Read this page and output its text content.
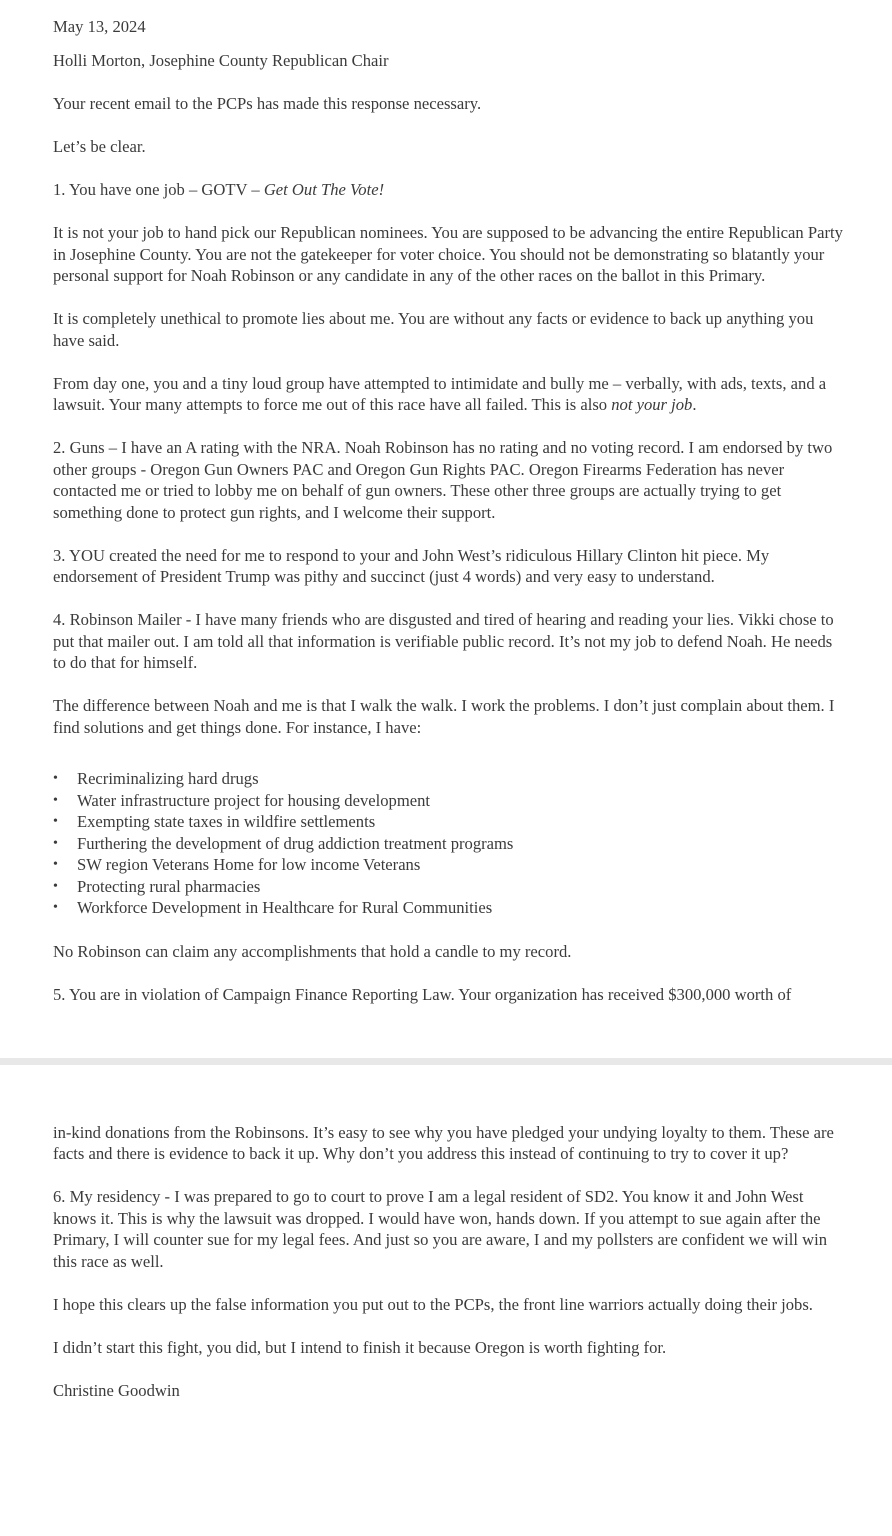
May 13, 2024

Holli Morton, Josephine County Republican Chair

Your recent email to the PCPs has made this response necessary.

Let’s be clear.

1. You have one job – GOTV – Get Out The Vote!

It is not your job to hand pick our Republican nominees. You are supposed to be advancing the entire Republican Party in Josephine County. You are not the gatekeeper for voter choice. You should not be demonstrating so blatantly your personal support for Noah Robinson or any candidate in any of the other races on the ballot in this Primary.

It is completely unethical to promote lies about me. You are without any facts or evidence to back up anything you have said.

From day one, you and a tiny loud group have attempted to intimidate and bully me – verbally, with ads, texts, and a lawsuit. Your many attempts to force me out of this race have all failed. This is also not your job.

2. Guns – I have an A rating with the NRA. Noah Robinson has no rating and no voting record. I am endorsed by two other groups - Oregon Gun Owners PAC and Oregon Gun Rights PAC. Oregon Firearms Federation has never contacted me or tried to lobby me on behalf of gun owners. These other three groups are actually trying to get something done to protect gun rights, and I welcome their support.

3. YOU created the need for me to respond to your and John West’s ridiculous Hillary Clinton hit piece. My endorsement of President Trump was pithy and succinct (just 4 words) and very easy to understand.

4. Robinson Mailer - I have many friends who are disgusted and tired of hearing and reading your lies. Vikki chose to put that mailer out. I am told all that information is verifiable public record. It’s not my job to defend Noah. He needs to do that for himself.

The difference between Noah and me is that I walk the walk. I work the problems. I don’t just complain about them. I find solutions and get things done. For instance, I have:

•	Recriminalizing hard drugs
•	Water infrastructure project for housing development
•	Exempting state taxes in wildfire settlements
•	Furthering the development of drug addiction treatment programs
•	SW region Veterans Home for low income Veterans
•	Protecting rural pharmacies
•	Workforce Development in Healthcare for Rural Communities

No Robinson can claim any accomplishments that hold a candle to my record.

5. You are in violation of Campaign Finance Reporting Law. Your organization has received $300,000 worth of

in-kind donations from the Robinsons. It’s easy to see why you have pledged your undying loyalty to them. These are facts and there is evidence to back it up. Why don’t you address this instead of continuing to try to cover it up?

6. My residency - I was prepared to go to court to prove I am a legal resident of SD2. You know it and John West knows it. This is why the lawsuit was dropped. I would have won, hands down. If you attempt to sue again after the Primary, I will counter sue for my legal fees. And just so you are aware, I and my pollsters are confident we will win this race as well.

I hope this clears up the false information you put out to the PCPs, the front line warriors actually doing their jobs.

I didn’t start this fight, you did, but I intend to finish it because Oregon is worth fighting for.

Christine Goodwin
